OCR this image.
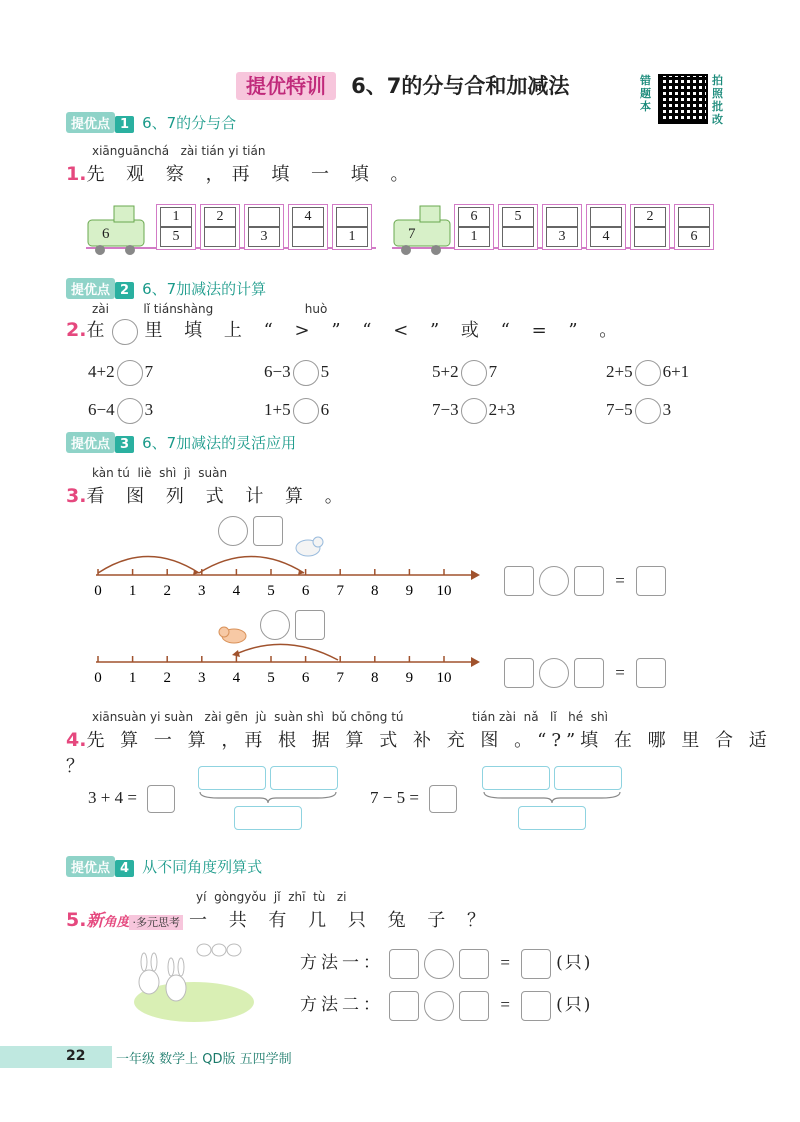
提优特训 6、7的分与合和加减法	错题本
拍照批改
提优点 1 6、7的分与合
xiānguānchá   zài tián yi tián
1.先 观 察 ，再 填 一 填 。
6
1
5
2
3
4
1	7
6
1
5
3	4
2
6
提优点 2 6、7加减法的计算
zài         lǐ tiánshàng                        huò
2.在 里 填 上 “ > ” “ < ” 或 “ = ” 。
4+2 7	6−3 5	5+2 7	2+5 6+1
6−4 3	1+5 6	7−3 2+3	7−5 3
提优点 3 6、7加减法的灵活应用
kàn tú  liè  shì  jì  suàn
3.看 图 列 式 计 算 。

0 1 2 3 4 5 6 7 8 9 10
=

0 1 2 3 4 5 6 7 8 9 10	=
xiānsuàn yi suàn   zài gēn  jù  suàn shì  bǔ chōng tú                  tián zài  nǎ   lǐ   hé  shì
4.先 算 一 算 ，再 根 据 算 式 补 充 图 。“?”填 在 哪 里 合 适 ？
3 + 4 =	7 − 5 =
提优点 4 从不同角度列算式
yí  gòngyǒu  jǐ  zhī  tù   zi
5.新角度 ·多元思考 一 共 有 几 只 兔 子 ？
方法一：	=	(只)
方法二：	=	(只)
22 一年级 数学上 QD版 五四学制
